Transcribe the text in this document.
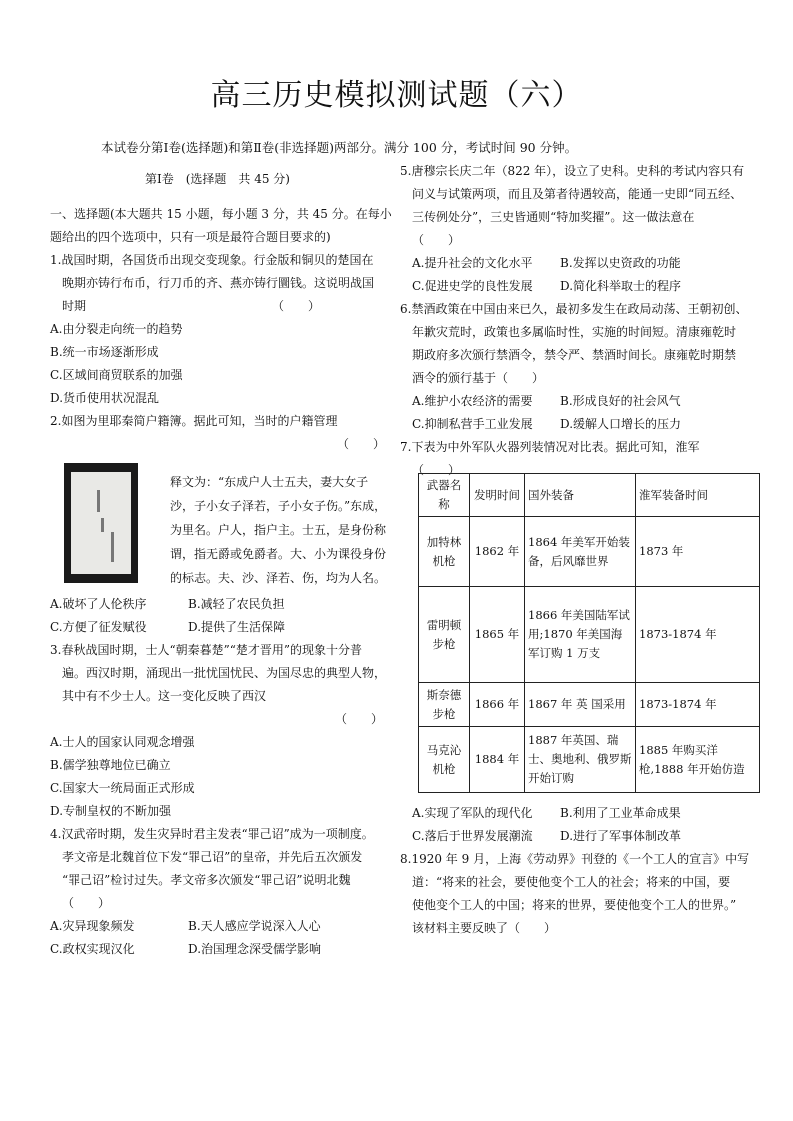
高三历史模拟测试题（六）
本试卷分第Ⅰ卷(选择题)和第Ⅱ卷(非选择题)两部分。满分 100 分，考试时间 90 分钟。
第Ⅰ卷　(选择题　共 45 分)
一、选择题(本大题共 15 小题，每小题 3 分，共 45 分。在每小
题给出的四个选项中，只有一项是最符合题目要求的)
1.战国时期，各国货币出现交变现象。行金版和铜贝的楚国在
晚期亦铸行布币，行刀币的齐、燕亦铸行圜钱。这说明战国
时期　　　　　　　　　　　　　　　　（　　）
A.由分裂走向统一的趋势
B.统一市场逐渐形成
C.区域间商贸联系的加强
D.货币使用状况混乱
2.如图为里耶秦简户籍簿。据此可知，当时的户籍管理
（　　）
A.破坏了人伦秩序	B.减轻了农民负担
C.方便了征发赋役	D.提供了生活保障
3.春秋战国时期，士人“朝秦暮楚”“楚才晋用”的现象十分普
遍。西汉时期，涌现出一批忧国忧民、为国尽忠的典型人物，
其中有不少士人。这一变化反映了西汉
（　　）
A.士人的国家认同观念增强
B.儒学独尊地位已确立
C.国家大一统局面正式形成
D.专制皇权的不断加强
4.汉武帝时期，发生灾异时君主发表“罪己诏”成为一项制度。
孝文帝是北魏首位下发“罪己诏”的皇帝，并先后五次颁发
“罪己诏”检讨过失。孝文帝多次颁发“罪己诏”说明北魏
（　　）
A.灾异现象频发	B.天人感应学说深入人心
C.政权实现汉化	D.治国理念深受儒学影响
释文为：“东成户人士五夫，妻大女子沙，子小女子泽若，子小女子伤。”东成，为里名。户人，指户主。士五，是身份称谓，指无爵或免爵者。大、小为课役身份的标志。夫、沙、泽若、伤，均为人名。
5.唐穆宗长庆二年（822 年），设立了史科。史科的考试内容只有
问义与试策两项，而且及第者待遇较高，能通一史即“同五经、
三传例处分”，三史皆通则“特加奖擢”。这一做法意在
（　　）
A.提升社会的文化水平	B.发挥以史资政的功能
C.促进史学的良性发展	D.简化科举取士的程序
6.禁酒政策在中国由来已久，最初多发生在政局动荡、王朝初创、
年歉灾荒时，政策也多属临时性，实施的时间短。清康雍乾时
期政府多次颁行禁酒令，禁令严、禁酒时间长。康雍乾时期禁
酒令的颁行基于（　　）
A.维护小农经济的需要	B.形成良好的社会风气
C.抑制私营手工业发展	D.缓解人口增长的压力
7.下表为中外军队火器列装情况对比表。据此可知，淮军
（　　）
A.实现了军队的现代化	B.利用了工业革命成果
C.落后于世界发展潮流	D.进行了军事体制改革
8.1920 年 9 月，上海《劳动界》刊登的《一个工人的宣言》中写
道：“将来的社会，要使他变个工人的社会；将来的中国，要
使他变个工人的中国；将来的世界，要使他变个工人的世界。”
该材料主要反映了（　　）
武器名称	发明时间	国外装备	淮军装备时间
加特林机枪	1862 年	1864 年美军开始装备，后风靡世界	1873 年
雷明顿步枪	1865 年	1866 年美国陆军试用;1870 年美国海军订购 1 万支	1873-1874 年
斯奈德步枪	1866 年	1867 年 英 国采用	1873-1874 年
马克沁机枪	1884 年	1887 年英国、瑞士、奥地利、俄罗斯开始订购	1885 年购买洋枪,1888 年开始仿造
